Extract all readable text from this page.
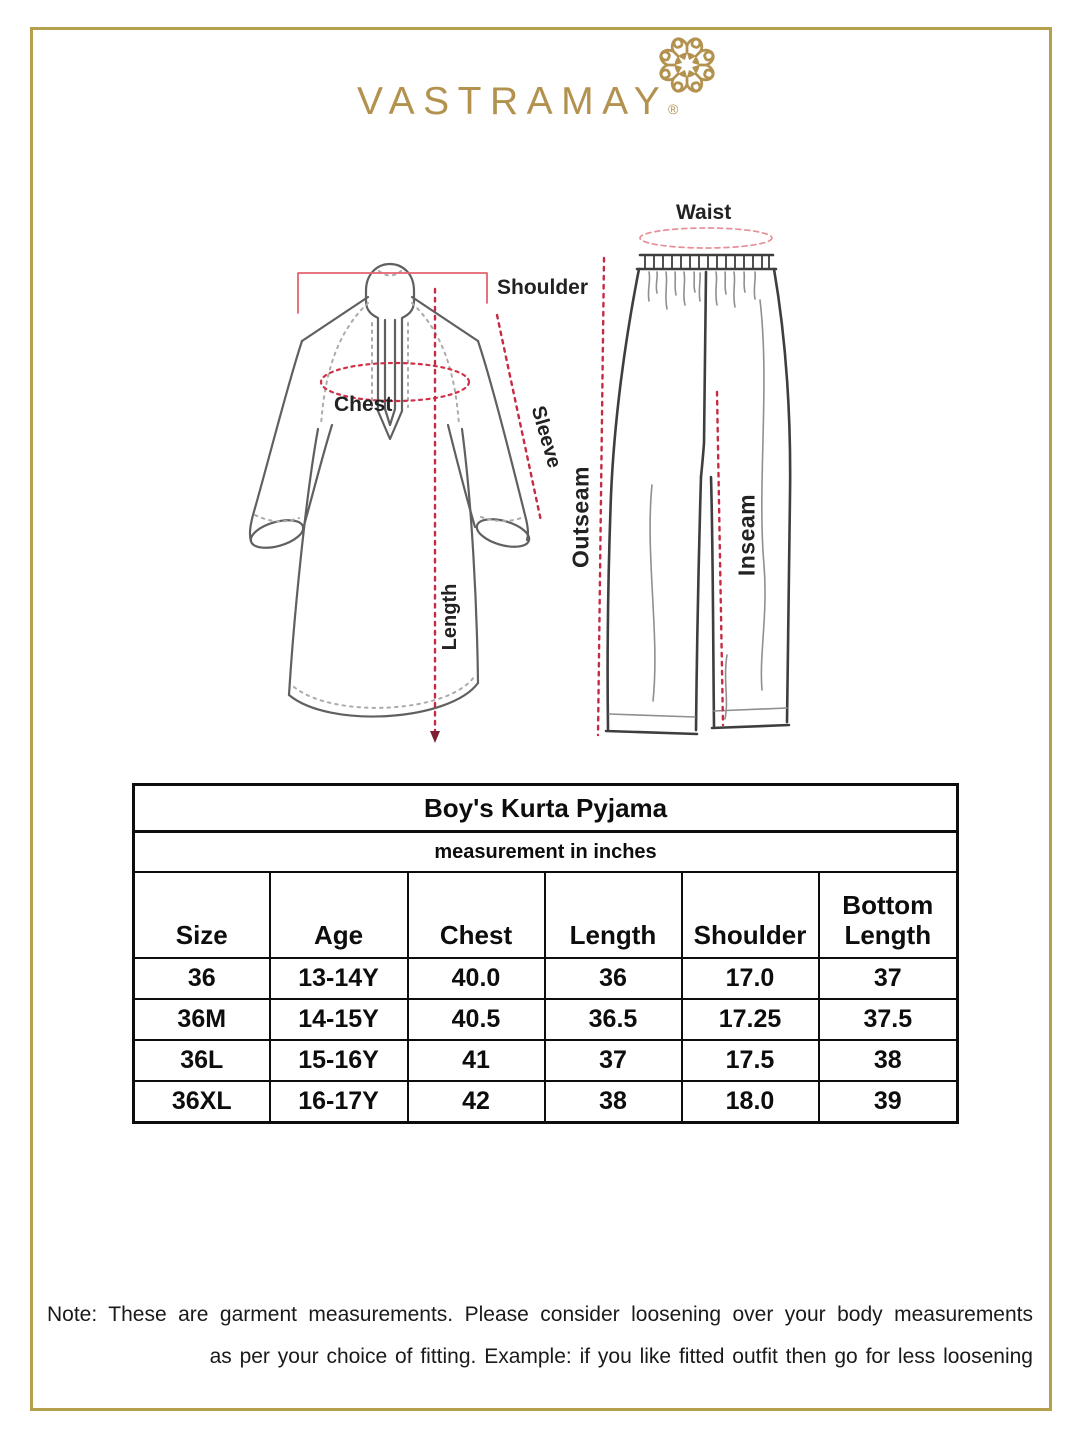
VASTRAMAY ®
Shoulder
Chest	Sleeve
Length
Waist
Outseam	Inseam
Boy's Kurta Pyjama					
measurement in inches					
Size	Age	Chest	Length	Shoulder	Bottom Length
36	13-14Y	40.0	36	17.0	37
36M	14-15Y	40.5	36.5	17.25	37.5
36L	15-16Y	41	37	17.5	38
36XL	16-17Y	42	38	18.0	39
Note: These are garment measurements. Please consider loosening over your body measurements
as per your choice of fitting. Example: if you like fitted outfit then go for less loosening
